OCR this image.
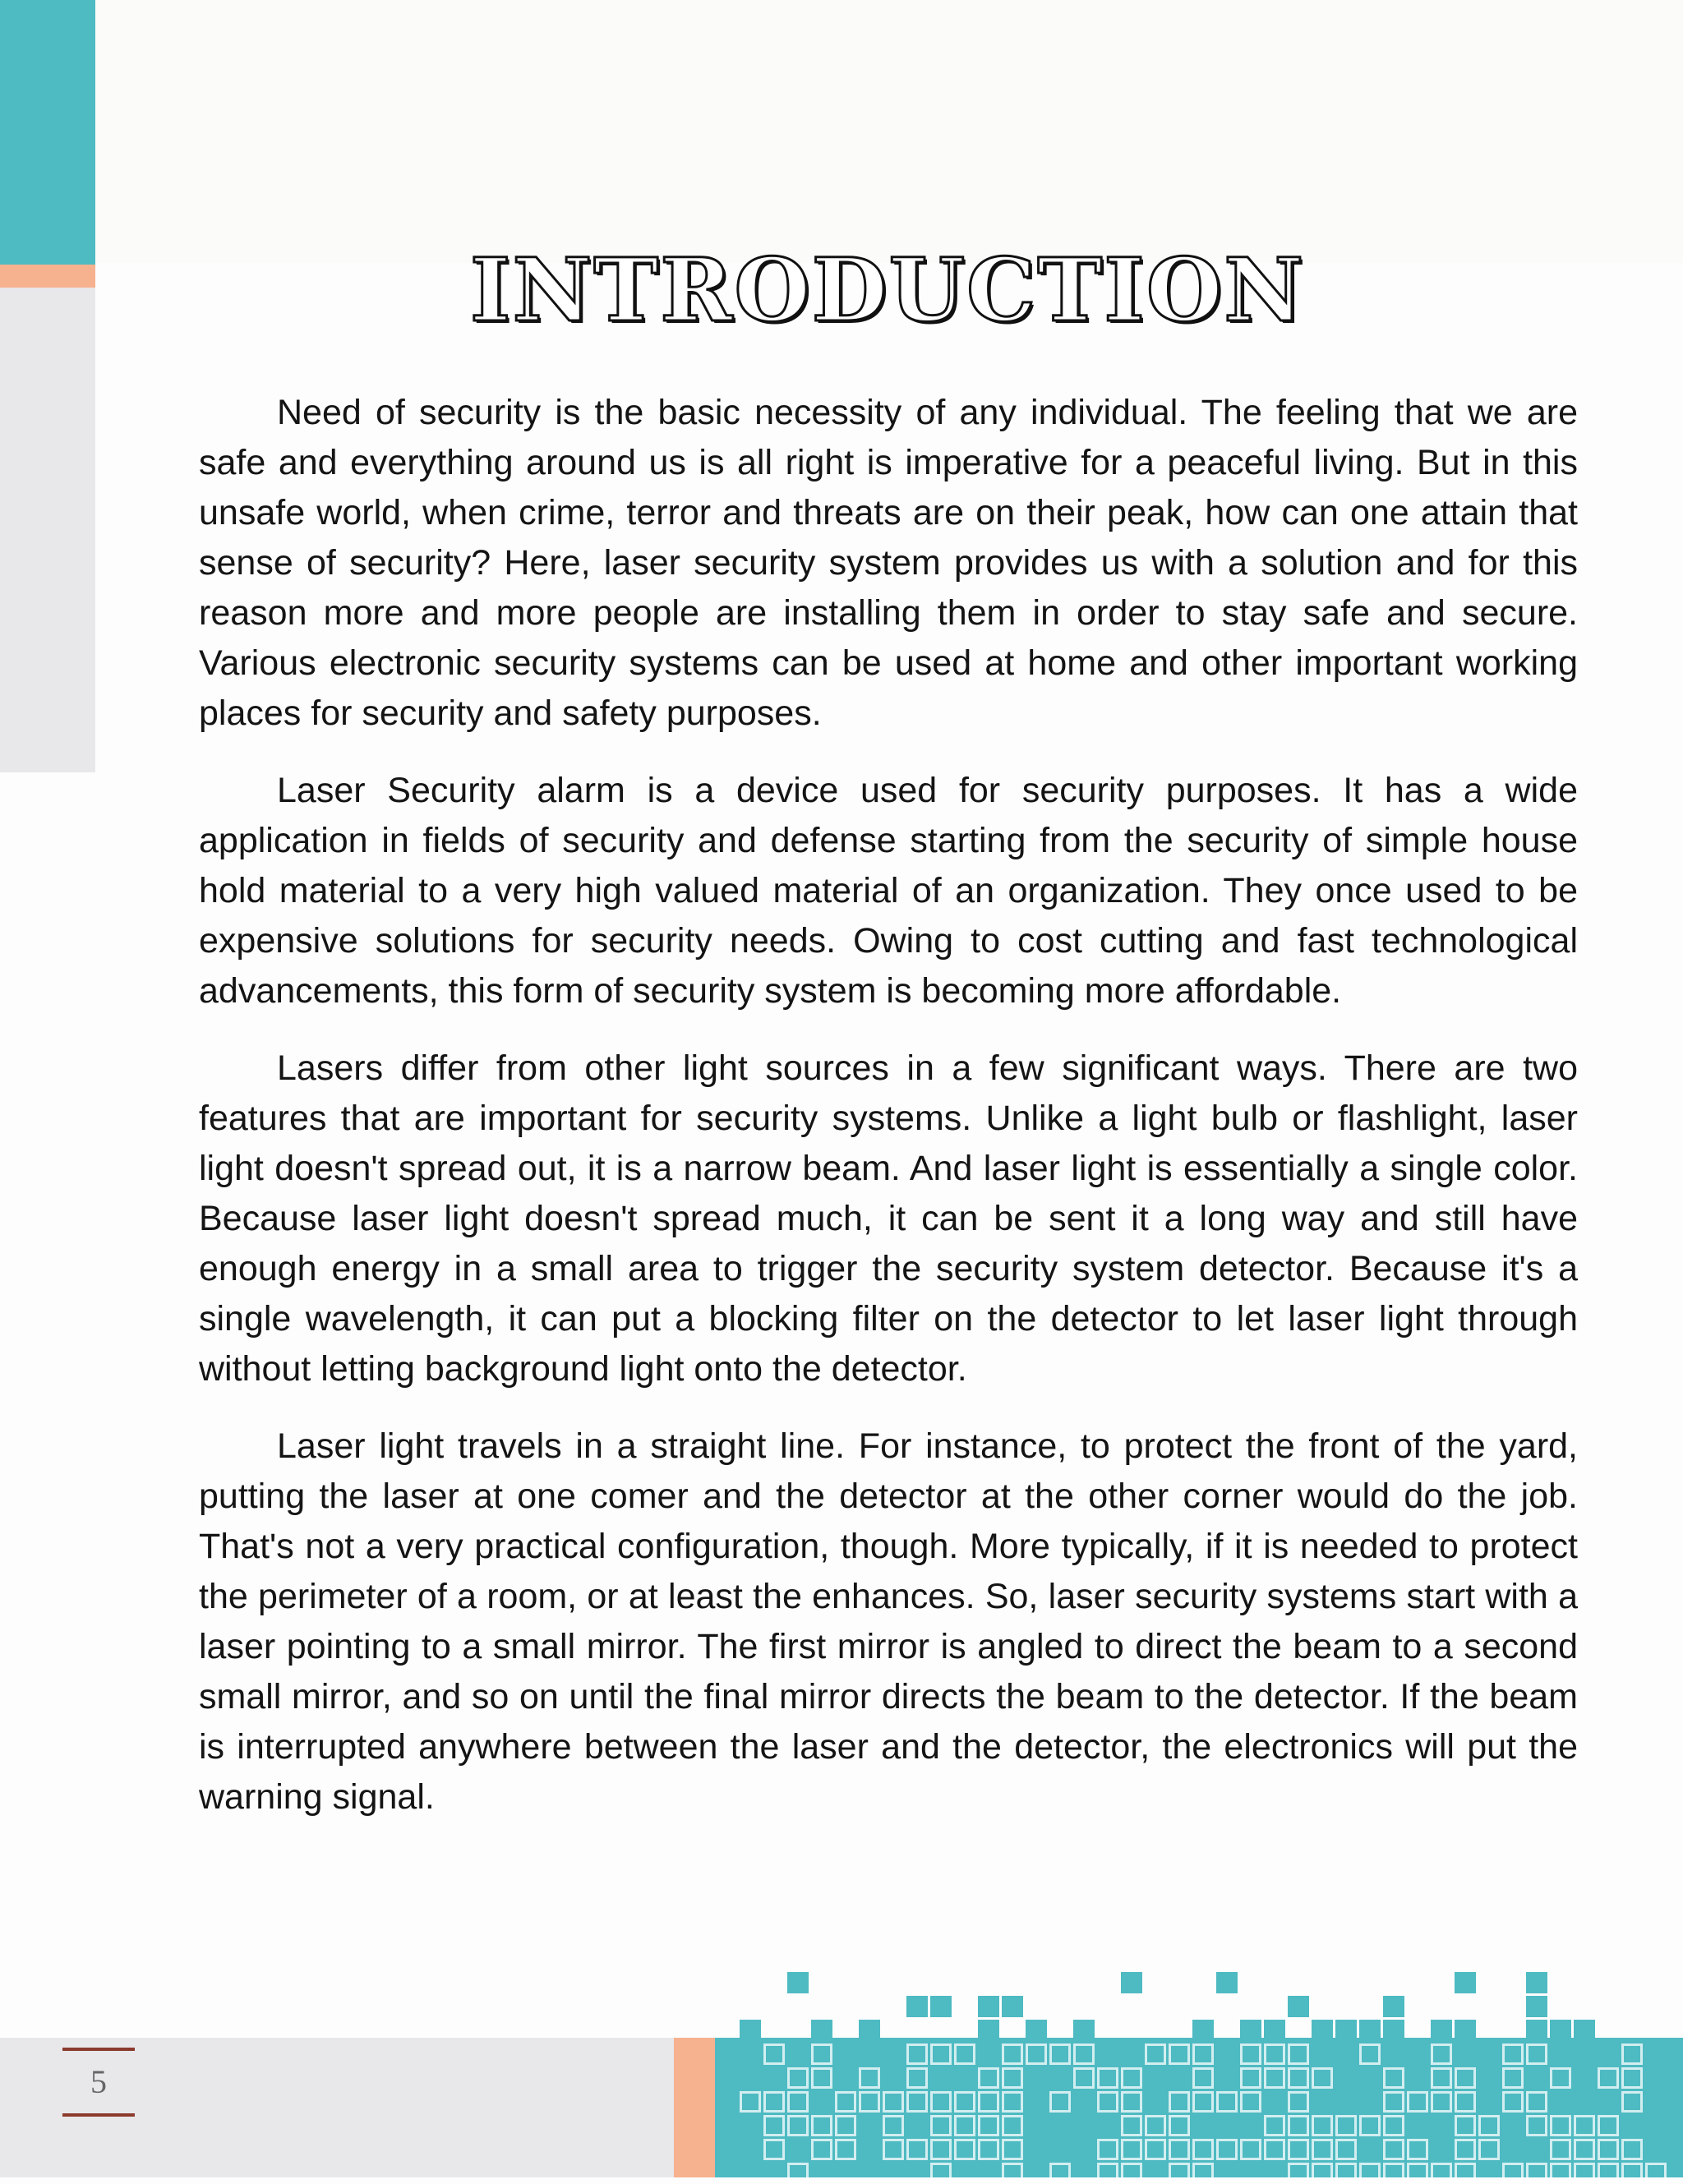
INTRODUCTION

Need of security is the basic necessity of any individual. The feeling that we are safe and everything around us is all right is imperative for a peaceful living. But in this unsafe world, when crime, terror and threats are on their peak, how can one attain that sense of security? Here, laser security system provides us with a solution and for this reason more and more people are installing them in order to stay safe and secure. Various electronic security systems can be used at home and other important working places for security and safety purposes.

Laser Security alarm is a device used for security purposes. It has a wide application in fields of security and defense starting from the security of simple house hold material to a very high valued material of an organization. They once used to be expensive solutions for security needs. Owing to cost cutting and fast technological advancements, this form of security system is becoming more affordable.

Lasers differ from other light sources in a few significant ways. There are two features that are important for security systems. Unlike a light bulb or flashlight, laser light doesn't spread out, it is a narrow beam. And laser light is essentially a single color. Because laser light doesn't spread much, it can be sent it a long way and still have enough energy in a small area to trigger the security system detector. Because it's a single wavelength, it can put a blocking filter on the detector to let laser light through without letting background light onto the detector.

Laser light travels in a straight line. For instance, to protect the front of the yard, putting the laser at one comer and the detector at the other corner would do the job. That's not a very practical configuration, though. More typically, if it is needed to protect the perimeter of a room, or at least the enhances. So, laser security systems start with a laser pointing to a small mirror. The first mirror is angled to direct the beam to a second small mirror, and so on until the final mirror directs the beam to the detector. If the beam is interrupted anywhere between the laser and the detector, the electronics will put the warning signal.

5
